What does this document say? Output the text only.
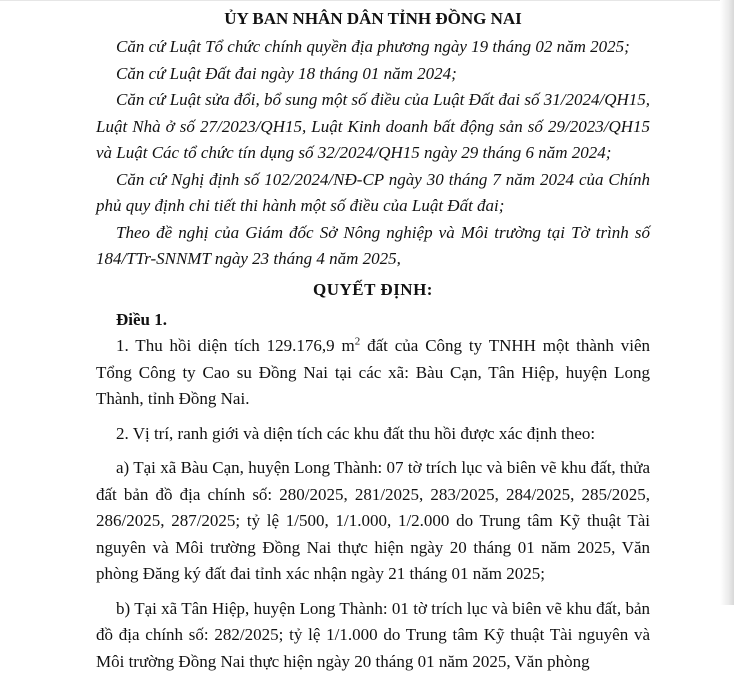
ỦY BAN NHÂN DÂN TỈNH ĐỒNG NAI

Căn cứ Luật Tổ chức chính quyền địa phương ngày 19 tháng 02 năm 2025;

Căn cứ Luật Đất đai ngày 18 tháng 01 năm 2024;

Căn cứ Luật sửa đổi, bổ sung một số điều của Luật Đất đai số 31/2024/QH15, Luật Nhà ở số 27/2023/QH15, Luật Kinh doanh bất động sản số 29/2023/QH15 và Luật Các tổ chức tín dụng số 32/2024/QH15 ngày 29 tháng 6 năm 2024;

Căn cứ Nghị định số 102/2024/NĐ-CP ngày 30 tháng 7 năm 2024 của Chính phủ quy định chi tiết thi hành một số điều của Luật Đất đai;

Theo đề nghị của Giám đốc Sở Nông nghiệp và Môi trường tại Tờ trình số 184/TTr-SNNMT ngày 23 tháng 4 năm 2025,

QUYẾT ĐỊNH:

Điều 1.

1. Thu hồi diện tích 129.176,9 $m^2$ đất của Công ty TNHH một thành viên Tổng Công ty Cao su Đồng Nai tại các xã: Bàu Cạn, Tân Hiệp, huyện Long Thành, tỉnh Đồng Nai.

2. Vị trí, ranh giới và diện tích các khu đất thu hồi được xác định theo:

a) Tại xã Bàu Cạn, huyện Long Thành: 07 tờ trích lục và biên vẽ khu đất, thửa đất bản đồ địa chính số: 280/2025, 281/2025, 283/2025, 284/2025, 285/2025, 286/2025, 287/2025; tỷ lệ 1/500, 1/1.000, 1/2.000 do Trung tâm Kỹ thuật Tài nguyên và Môi trường Đồng Nai thực hiện ngày 20 tháng 01 năm 2025, Văn phòng Đăng ký đất đai tỉnh xác nhận ngày 21 tháng 01 năm 2025;

b) Tại xã Tân Hiệp, huyện Long Thành: 01 tờ trích lục và biên vẽ khu đất, bản đồ địa chính số: 282/2025; tỷ lệ 1/1.000 do Trung tâm Kỹ thuật Tài nguyên và Môi trường Đồng Nai thực hiện ngày 20 tháng 01 năm 2025, Văn phòng
